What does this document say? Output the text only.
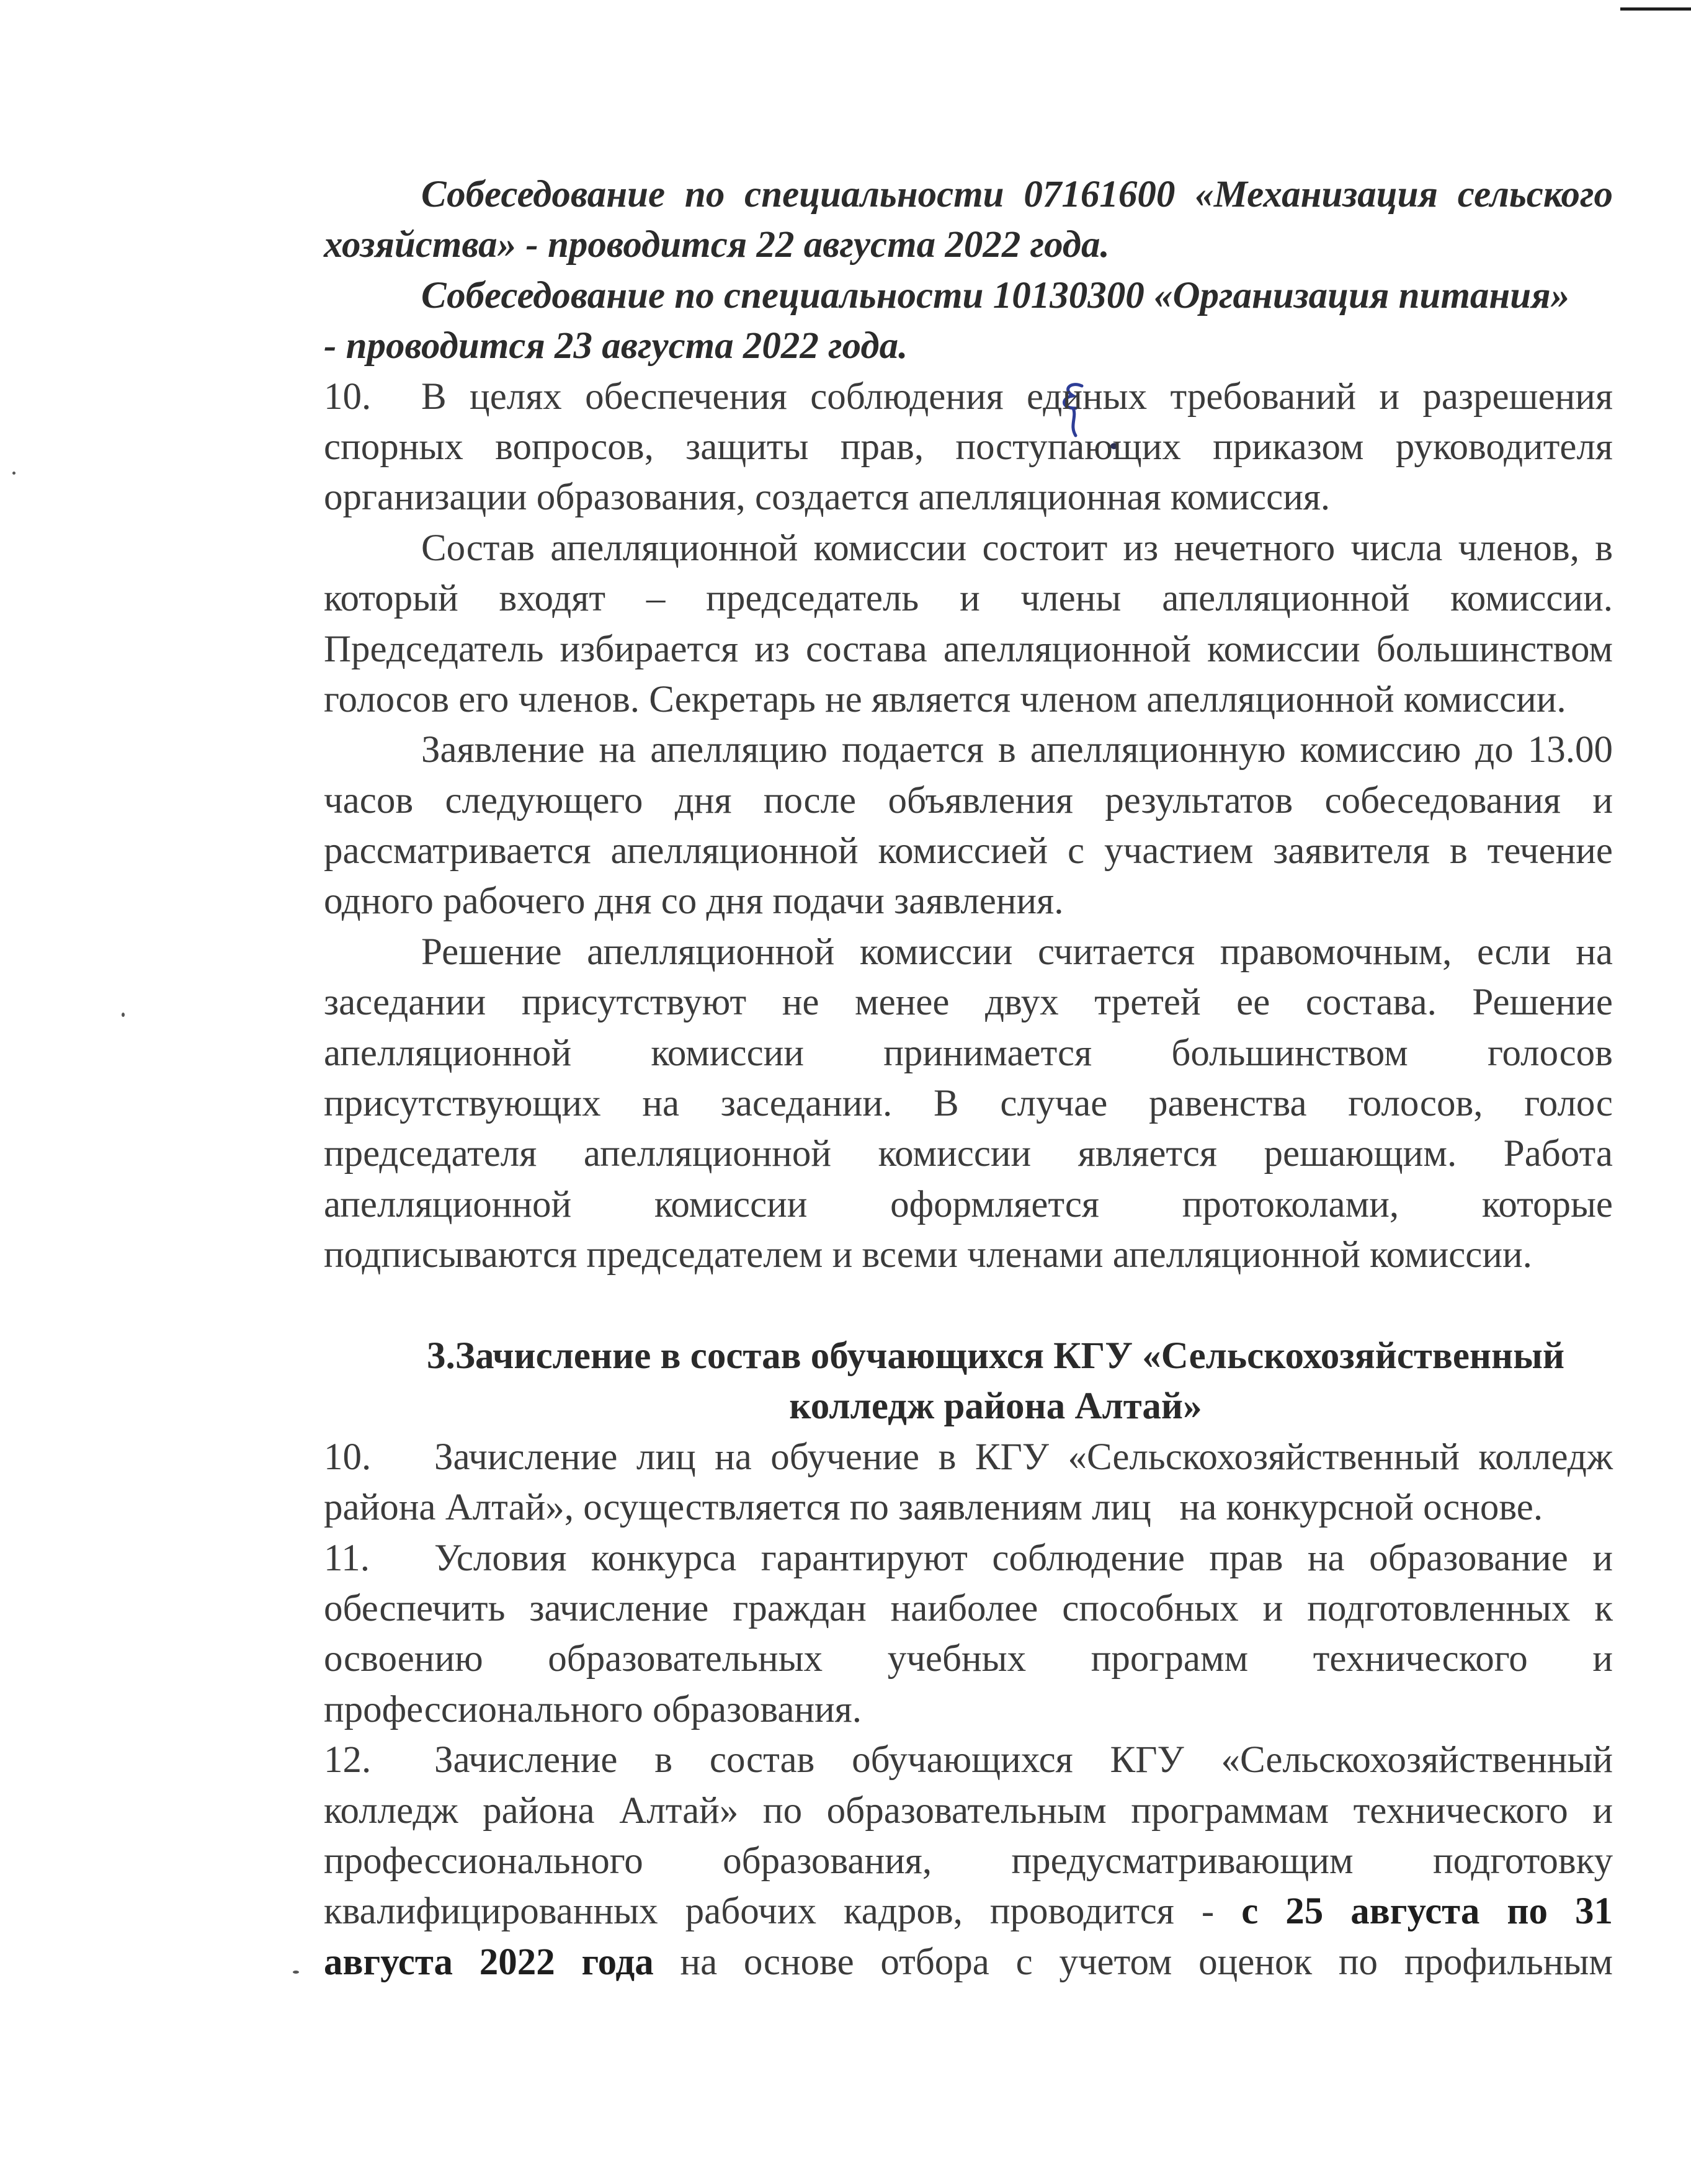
Собеседование по специальности 07161600 «Механизация сельского
хозяйства» - проводится 22 августа 2022 года.
Собеседование по специальности 10130300 «Организация питания»
- проводится 23 августа 2022 года.
10.	В целях обеспечения соблюдения единых требований и разрешения
спорных вопросов, защиты прав, поступающих приказом руководителя
организации образования, создается апелляционная комиссия.
Состав апелляционной комиссии состоит из нечетного числа членов, в
который входят – председатель и члены апелляционной комиссии.
Председатель избирается из состава апелляционной комиссии большинством
голосов его членов. Секретарь не является членом апелляционной комиссии.
Заявление на апелляцию подается в апелляционную комиссию до 13.00
часов следующего дня после объявления результатов собеседования и
рассматривается апелляционной комиссией с участием заявителя в течение
одного рабочего дня со дня подачи заявления.
Решение апелляционной комиссии считается правомочным, если на
заседании присутствуют не менее двух третей ее состава. Решение
апелляционной комиссии принимается большинством голосов
присутствующих на заседании. В случае равенства голосов, голос
председателя апелляционной комиссии является решающим. Работа
апелляционной комиссии оформляется протоколами, которые
подписываются председателем и всеми членами апелляционной комиссии.
3.Зачисление в состав обучающихся КГУ «Сельскохозяйственный
колледж района Алтай»
10.	Зачисление лиц на обучение в КГУ «Сельскохозяйственный колледж
района Алтай», осуществляется по заявлениям лиц   на конкурсной основе.
11.	Условия конкурса гарантируют соблюдение прав на образование и
обеспечить зачисление граждан наиболее способных и подготовленных к
освоению образовательных учебных программ технического и
профессионального образования.
12.	Зачисление в состав обучающихся КГУ «Сельскохозяйственный
колледж района Алтай» по образовательным программам технического и
профессионального образования, предусматривающим подготовку
квалифицированных рабочих кадров, проводится - с 25 августа по 31
августа 2022 года на основе отбора с учетом оценок по профильным
